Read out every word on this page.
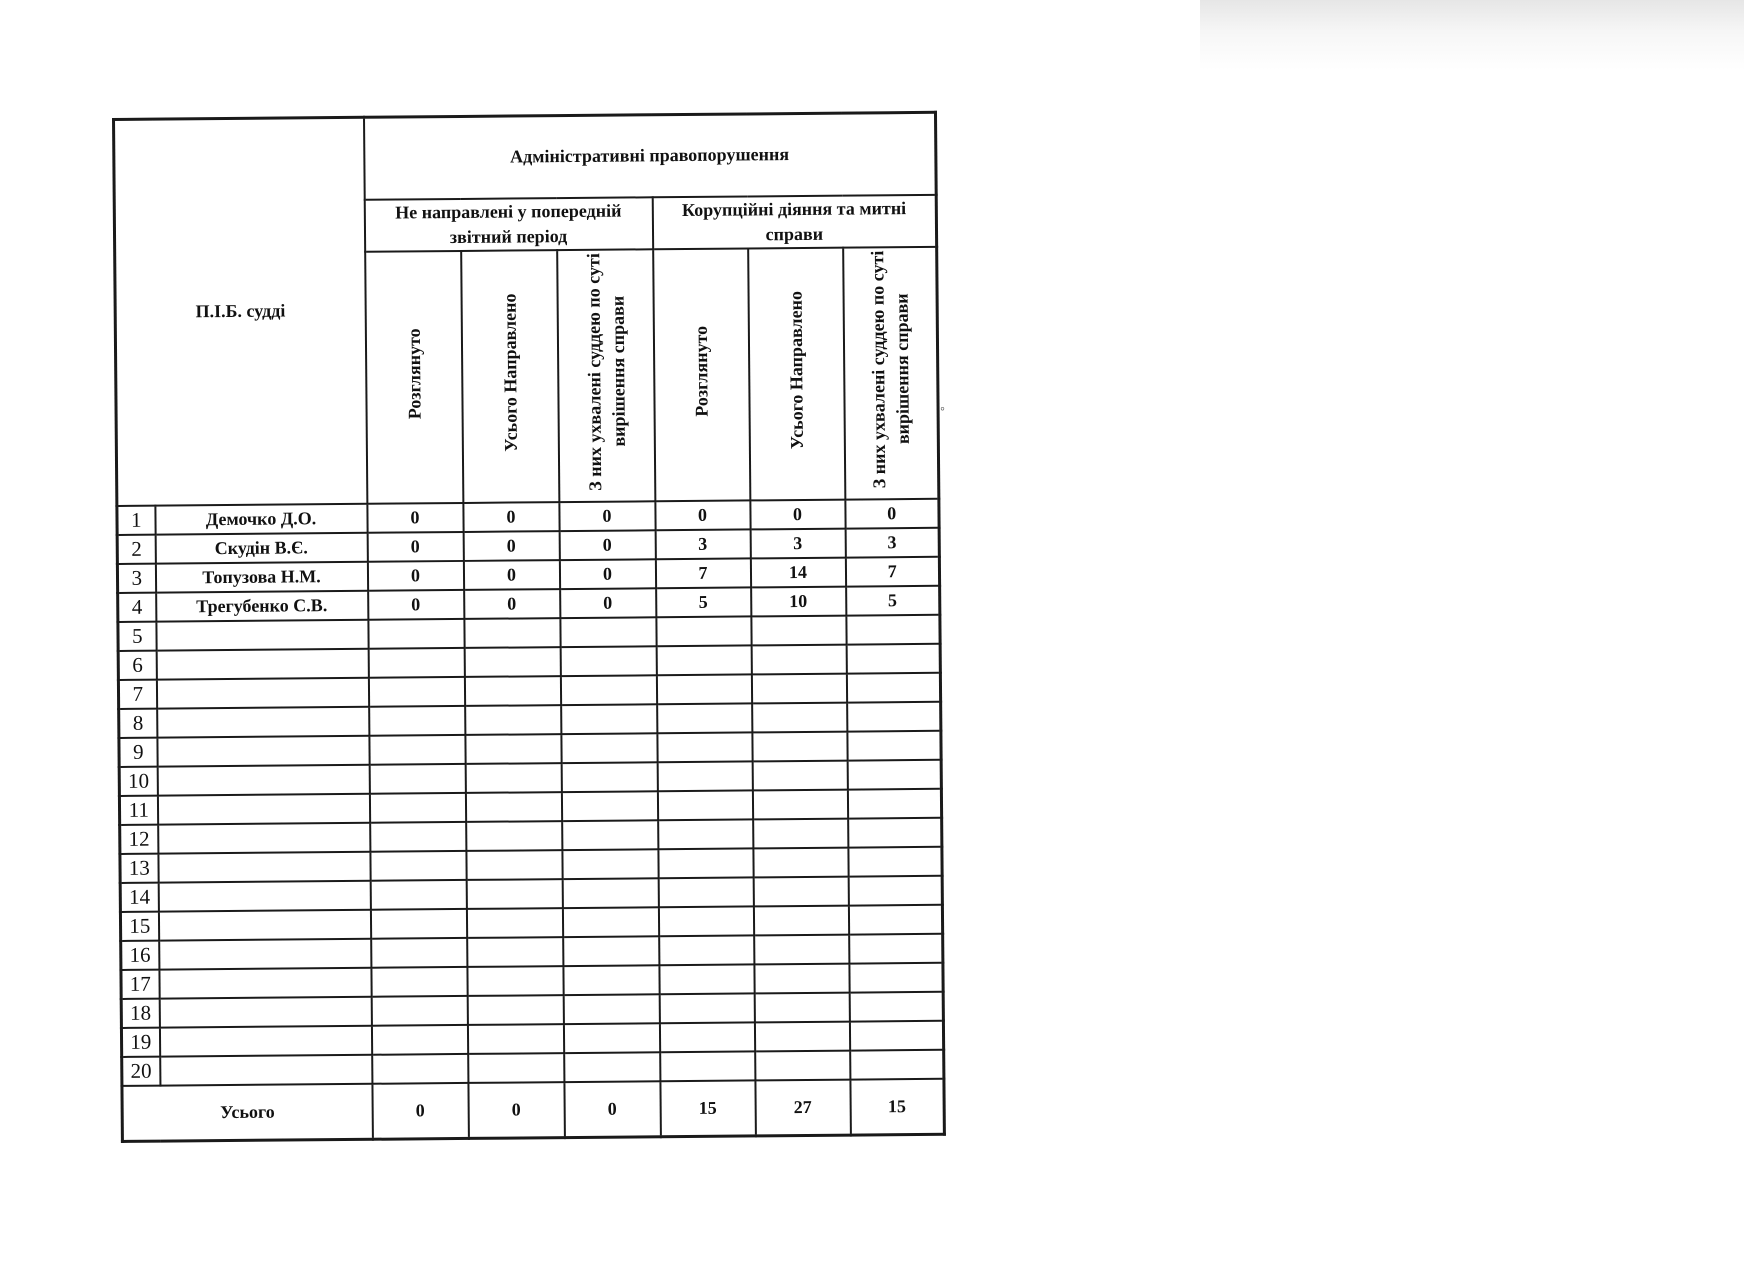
П.І.Б. судді		Адміністративні правопорушення					
		Не направлені у попередній звітний період			Корупційні діяння та митні справи		
		Розглянуто	Усього Направлено	З них ухвалені суддею по суті вирішення справи	Розглянуто	Усього Направлено	З них ухвалені суддею по суті вирішення справи
1	Демочко Д.О.	0	0	0	0	0	0
2	Скудін В.Є.	0	0	0	3	3	3
3	Топузова Н.М.	0	0	0	7	14	7
4	Трегубенко С.В.	0	0	0	5	10	5
5							
6							
7							
8							
9							
10							
11							
12							
13							
14							
15							
16							
17							
18							
19							
20							
Усього		0	0	0	15	27	15
◦
